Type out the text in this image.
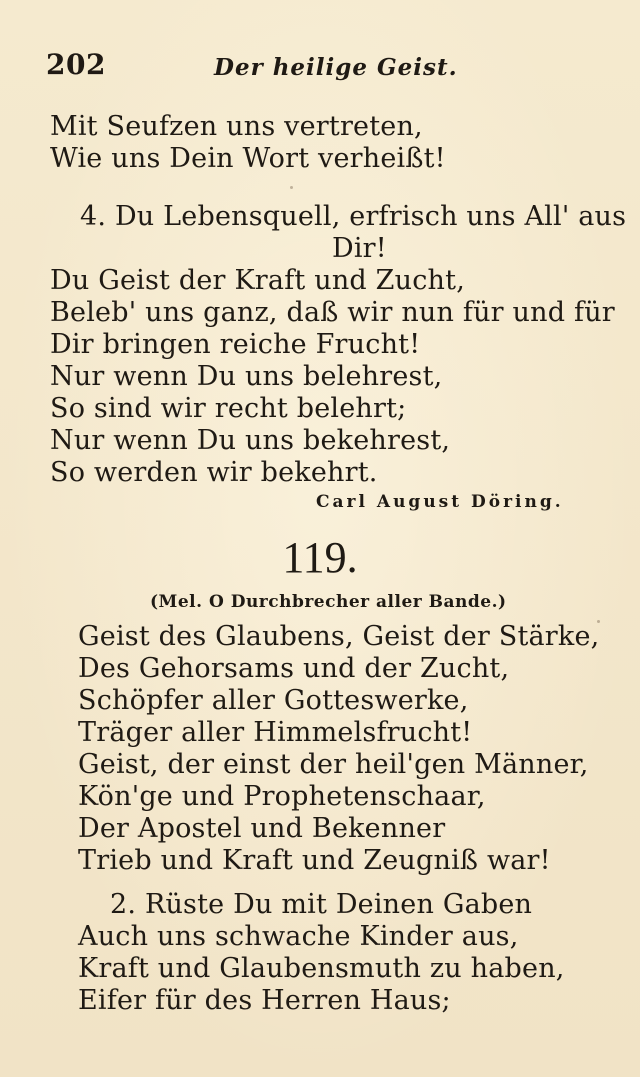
202	Der heilige Geist.
Mit Seufzen uns vertreten,
Wie uns Dein Wort verheißt!
4. Du Lebensquell, erfrisch uns All' aus
Dir!
Du Geist der Kraft und Zucht,
Beleb' uns ganz, daß wir nun für und für
Dir bringen reiche Frucht!
Nur wenn Du uns belehrest,
So sind wir recht belehrt;
Nur wenn Du uns bekehrest,
So werden wir bekehrt.
Carl August Döring.
119.
(Mel. O Durchbrecher aller Bande.)
Geist des Glaubens, Geist der Stärke,
Des Gehorsams und der Zucht,
Schöpfer aller Gotteswerke,
Träger aller Himmelsfrucht!
Geist, der einst der heil'gen Männer,
Kön'ge und Prophetenschaar,
Der Apostel und Bekenner
Trieb und Kraft und Zeugniß war!
2. Rüste Du mit Deinen Gaben
Auch uns schwache Kinder aus,
Kraft und Glaubensmuth zu haben,
Eifer für des Herren Haus;
